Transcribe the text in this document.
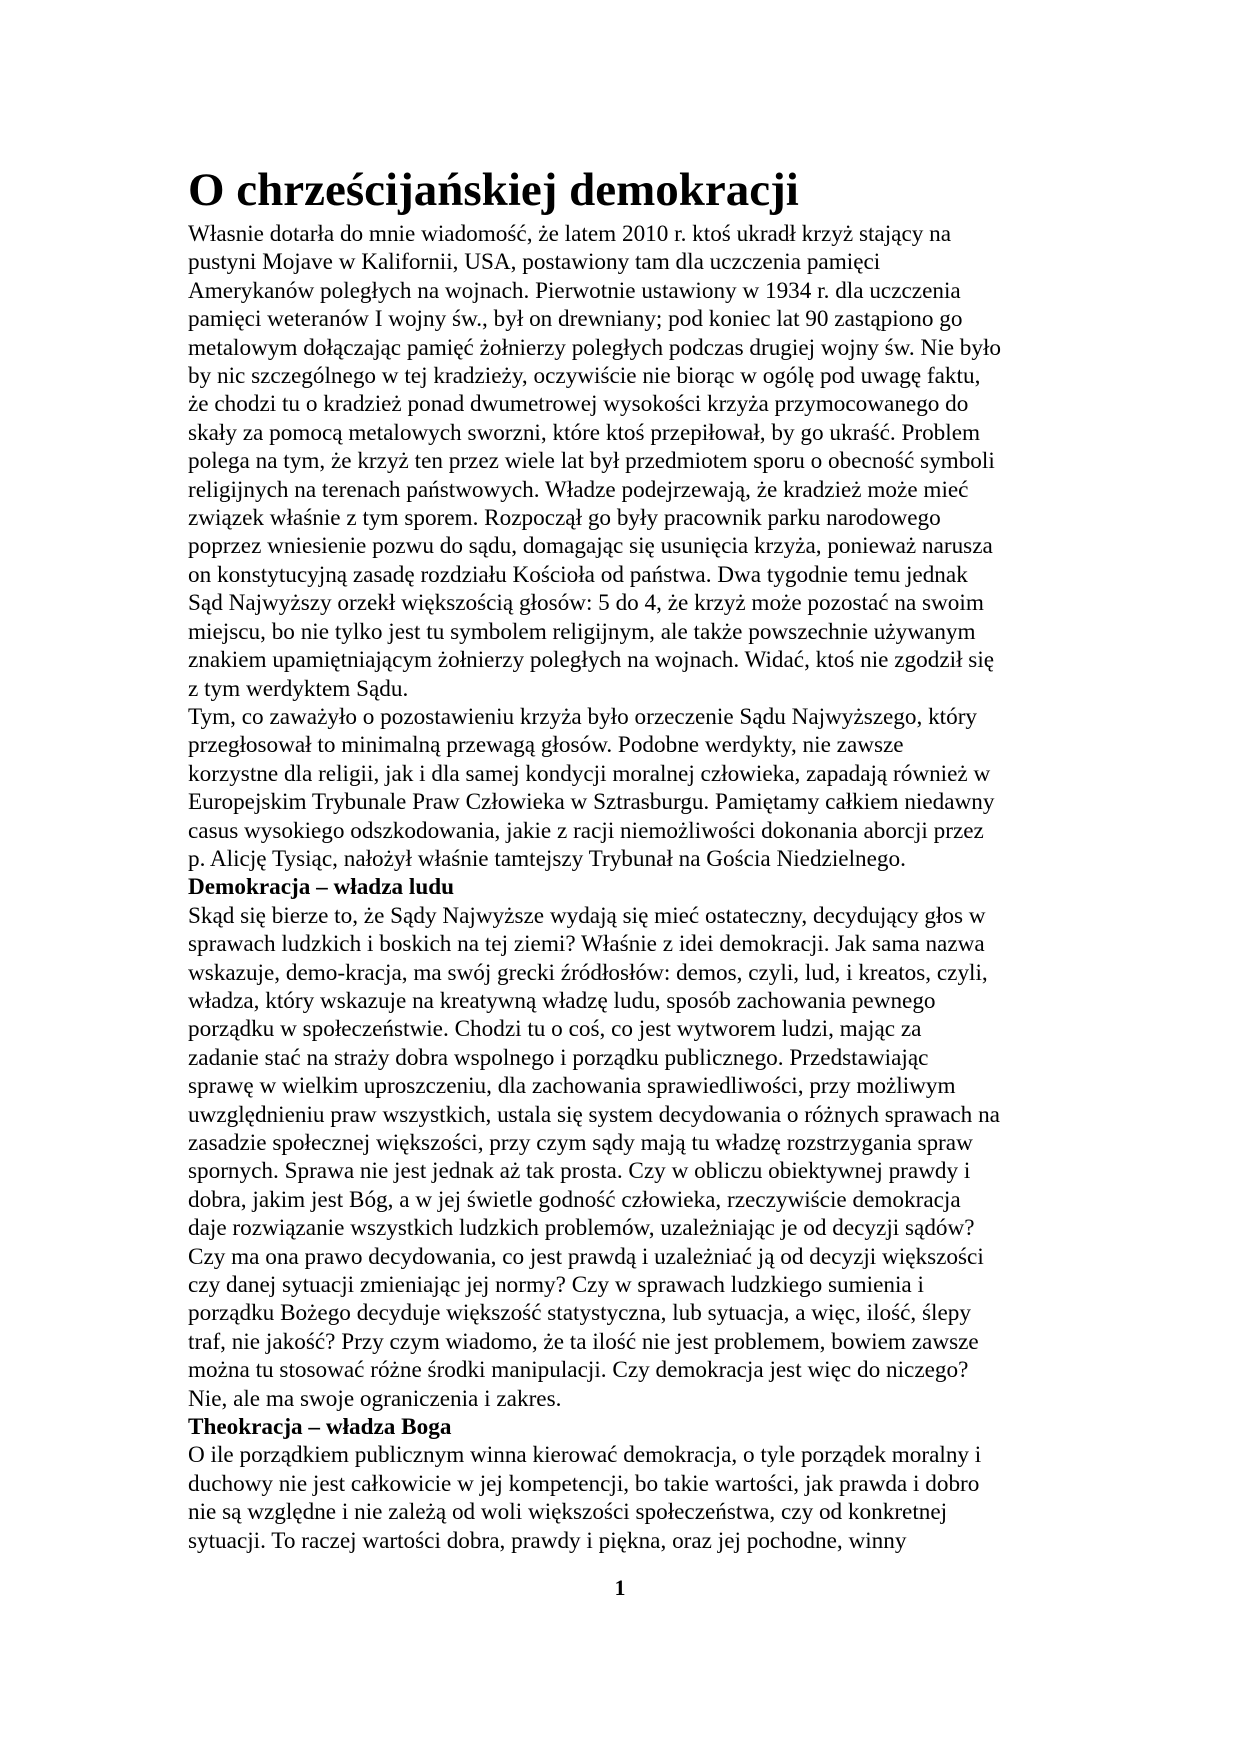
O chrześcijańskiej demokracji
Własnie dotarła do mnie wiadomość, że latem 2010 r. ktoś ukradł krzyż stający na
pustyni Mojave w Kalifornii, USA, postawiony tam dla uczczenia pamięci
Amerykanów poległych na wojnach. Pierwotnie ustawiony w 1934 r. dla uczczenia
pamięci weteranów I wojny św., był on drewniany; pod koniec lat 90 zastąpiono go
metalowym dołączając pamięć żołnierzy poległych podczas drugiej wojny św. Nie było
by nic szczególnego w tej kradzieży, oczywiście nie biorąc w ogólę pod uwagę faktu,
że chodzi tu o kradzież ponad dwumetrowej wysokości krzyża przymocowanego do
skały za pomocą metalowych sworzni, które ktoś przepiłował, by go ukraść. Problem
polega na tym, że krzyż ten przez wiele lat był przedmiotem sporu o obecność symboli
religijnych na terenach państwowych. Władze podejrzewają, że kradzież może mieć
związek właśnie z tym sporem. Rozpoczął go były pracownik parku narodowego
poprzez wniesienie pozwu do sądu, domagając się usunięcia krzyża, ponieważ narusza
on konstytucyjną zasadę rozdziału Kościoła od państwa. Dwa tygodnie temu jednak
Sąd Najwyższy orzekł większością głosów: 5 do 4, że krzyż może pozostać na swoim
miejscu, bo nie tylko jest tu symbolem religijnym, ale także powszechnie używanym
znakiem upamiętniającym żołnierzy poległych na wojnach. Widać, ktoś nie zgodził się
z tym werdyktem Sądu.
Tym, co zaważyło o pozostawieniu krzyża było orzeczenie Sądu Najwyższego, który
przegłosował to minimalną przewagą głosów. Podobne werdykty, nie zawsze
korzystne dla religii, jak i dla samej kondycji moralnej człowieka, zapadają również w
Europejskim Trybunale Praw Człowieka w Sztrasburgu. Pamiętamy całkiem niedawny
casus wysokiego odszkodowania, jakie z racji niemożliwości dokonania aborcji przez
p. Alicję Tysiąc, nałożył właśnie tamtejszy Trybunał na Gościa Niedzielnego.
Demokracja – władza ludu
Skąd się bierze to, że Sądy Najwyższe wydają się mieć ostateczny, decydujący głos w
sprawach ludzkich i boskich na tej ziemi? Właśnie z idei demokracji. Jak sama nazwa
wskazuje, demo-kracja, ma swój grecki źródłosłów: demos, czyli, lud, i kreatos, czyli,
władza, który wskazuje na kreatywną władzę ludu, sposób zachowania pewnego
porządku w społeczeństwie. Chodzi tu o coś, co jest wytworem ludzi, mając za
zadanie stać na straży dobra wspolnego i porządku publicznego. Przedstawiając
sprawę w wielkim uproszczeniu, dla zachowania sprawiedliwości, przy możliwym
uwzględnieniu praw wszystkich, ustala się system decydowania o różnych sprawach na
zasadzie społecznej większości, przy czym sądy mają tu władzę rozstrzygania spraw
spornych. Sprawa nie jest jednak aż tak prosta. Czy w obliczu obiektywnej prawdy i
dobra, jakim jest Bóg, a w jej świetle godność człowieka, rzeczywiście demokracja
daje rozwiązanie wszystkich ludzkich problemów, uzależniając je od decyzji sądów?
Czy ma ona prawo decydowania, co jest prawdą i uzależniać ją od decyzji większości
czy danej sytuacji zmieniając jej normy? Czy w sprawach ludzkiego sumienia i
porządku Bożego decyduje większość statystyczna, lub sytuacja, a więc, ilość, ślepy
traf, nie jakość? Przy czym wiadomo, że ta ilość nie jest problemem, bowiem zawsze
można tu stosować różne środki manipulacji. Czy demokracja jest więc do niczego?
Nie, ale ma swoje ograniczenia i zakres.
Theokracja – władza Boga
O ile porządkiem publicznym winna kierować demokracja, o tyle porządek moralny i
duchowy nie jest całkowicie w jej kompetencji, bo takie wartości, jak prawda i dobro
nie są względne i nie zależą od woli większości społeczeństwa, czy od konkretnej
sytuacji. To raczej wartości dobra, prawdy i piękna, oraz jej pochodne, winny
1
